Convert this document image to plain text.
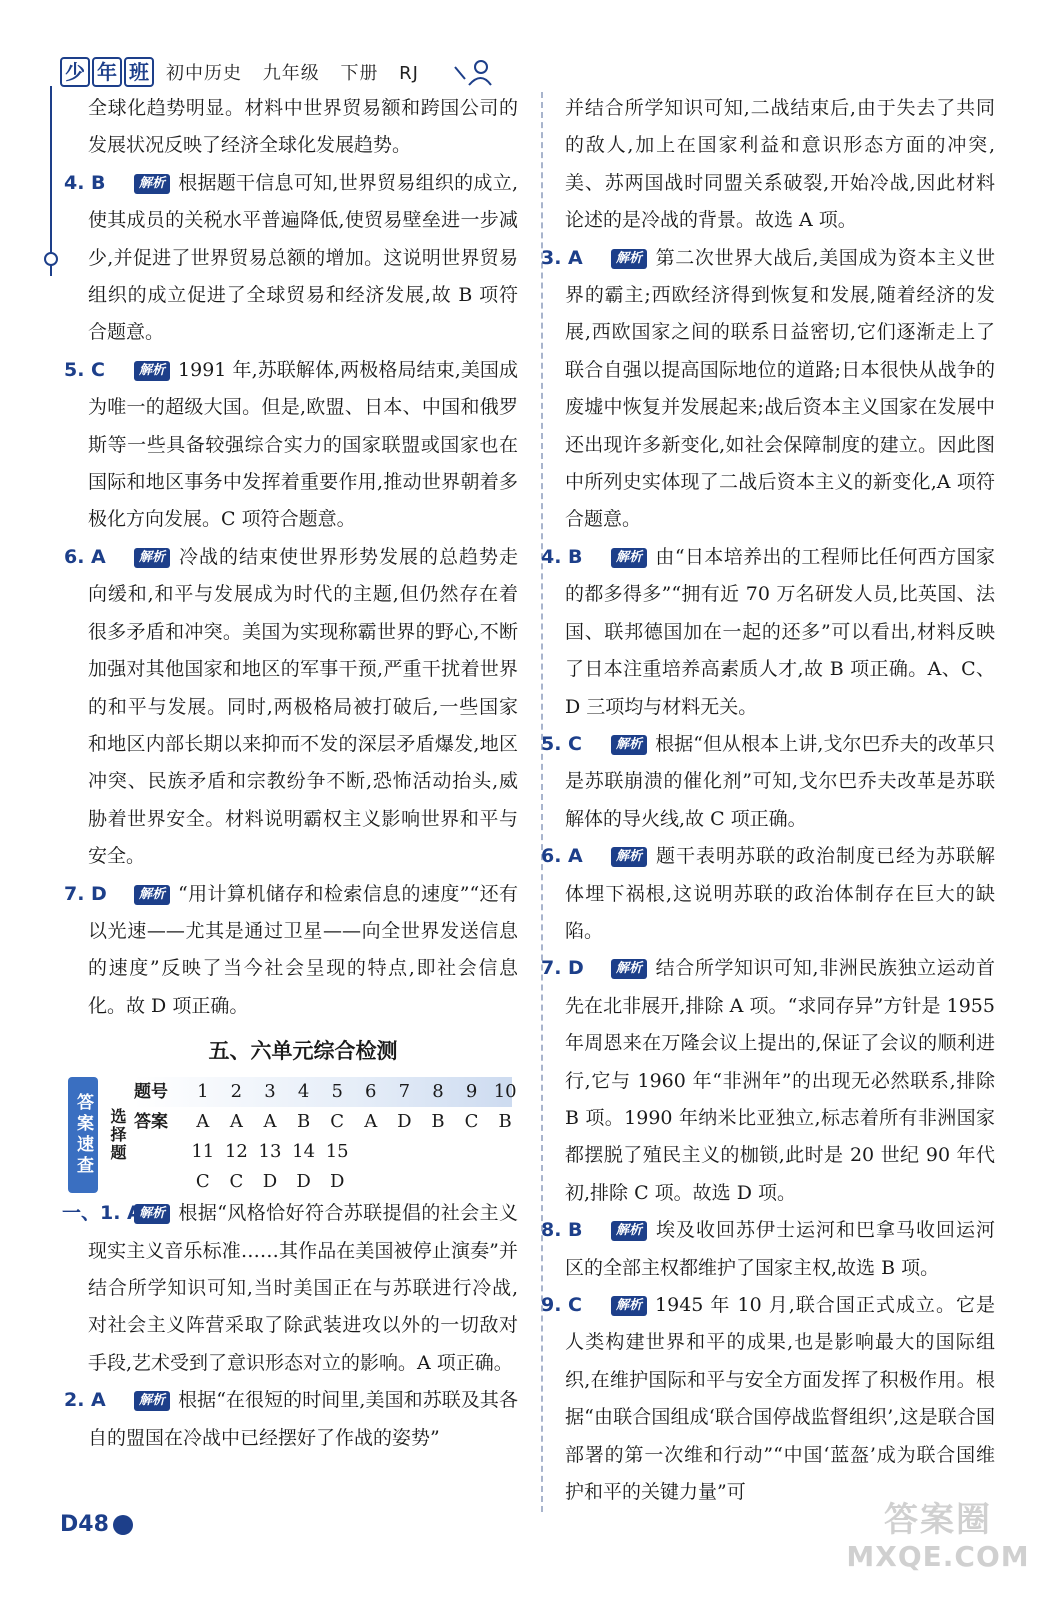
少 年 班 初中历史 九年级 下册 RJ
全球化趋势明显。材料中世界贸易额和跨国公司的发展状况反映了经济全球化发展趋势。
4. B	解析 根据题干信息可知,世界贸易组织的成立,使其成员的关税水平普遍降低,使贸易壁垒进一步减少,并促进了世界贸易总额的增加。这说明世界贸易组织的成立促进了全球贸易和经济发展,故 B 项符合题意。
5. C	解析 1991 年,苏联解体,两极格局结束,美国成为唯一的超级大国。但是,欧盟、日本、中国和俄罗斯等一些具备较强综合实力的国家联盟或国家也在国际和地区事务中发挥着重要作用,推动世界朝着多极化方向发展。C 项符合题意。
6. A	解析 冷战的结束使世界形势发展的总趋势走向缓和,和平与发展成为时代的主题,但仍然存在着很多矛盾和冲突。美国为实现称霸世界的野心,不断加强对其他国家和地区的军事干预,严重干扰着世界的和平与发展。同时,两极格局被打破后,一些国家和地区内部长期以来抑而不发的深层矛盾爆发,地区冲突、民族矛盾和宗教纷争不断,恐怖活动抬头,威胁着世界安全。材料说明霸权主义影响世界和平与安全。
7. D 解析 “用计算机储存和检索信息的速度”“还有以光速——尤其是通过卫星——向全世界发送信息的速度”反映了当今社会呈现的特点,即社会信息化。故 D 项正确。
五、六单元综合检测
答案速查 选择题
题号	1	2	3	4	5	6	7	8	9 10
答案	A	A	A	B	C	A	D	B	C	B
11 12 13 14 15
C	C	D	D	D
一、1. A
解析 根据“风格恰好符合苏联提倡的社会主义现实主义音乐标准……其作品在美国被停止演奏”并结合所学知识可知,当时美国正在与苏联进行冷战,对社会主义阵营采取了除武装进攻以外的一切敌对手段,艺术受到了意识形态对立的影响。A 项正确。
2. A	解析 根据“在很短的时间里,美国和苏联及其各自的盟国在冷战中已经摆好了作战的姿势”
并结合所学知识可知,二战结束后,由于失去了共同的敌人,加上在国家利益和意识形态方面的冲突,美、苏两国战时同盟关系破裂,开始冷战,因此材料论述的是冷战的背景。故选 A 项。
3. A	解析 第二次世界大战后,美国成为资本主义世界的霸主;西欧经济得到恢复和发展,随着经济的发展,西欧国家之间的联系日益密切,它们逐渐走上了联合自强以提高国际地位的道路;日本很快从战争的废墟中恢复并发展起来;战后资本主义国家在发展中还出现许多新变化,如社会保障制度的建立。因此图中所列史实体现了二战后资本主义的新变化,A 项符合题意。
4. B	解析 由“日本培养出的工程师比任何西方国家的都多得多”“拥有近 70 万名研发人员,比英国、法国、联邦德国加在一起的还多”可以看出,材料反映了日本注重培养高素质人才,故 B 项正确。A、C、D 三项均与材料无关。
5. C	解析 根据“但从根本上讲,戈尔巴乔夫的改革只是苏联崩溃的催化剂”可知,戈尔巴乔夫改革是苏联解体的导火线,故 C 项正确。
6. A	解析 题干表明苏联的政治制度已经为苏联解体埋下祸根,这说明苏联的政治体制存在巨大的缺陷。
7. D 解析 结合所学知识可知,非洲民族独立运动首先在北非展开,排除 A 项。“求同存异”方针是 1955 年周恩来在万隆会议上提出的,保证了会议的顺利进行,它与 1960 年“非洲年”的出现无必然联系,排除 B 项。1990 年纳米比亚独立,标志着所有非洲国家都摆脱了殖民主义的枷锁,此时是 20 世纪 90 年代初,排除 C 项。故选 D 项。
8. B	解析 埃及收回苏伊士运河和巴拿马收回运河区的全部主权都维护了国家主权,故选 B 项。
9. C	解析 1945 年 10 月,联合国正式成立。它是人类构建世界和平的成果,也是影响最大的国际组织,在维护国际和平与安全方面发挥了积极作用。根据“由联合国组成‘联合国停战监督组织’,这是联合国部署的第一次维和行动”“中国‘蓝盔’成为联合国维护和平的关键力量”可
D48	答案圈
MXQE.COM
